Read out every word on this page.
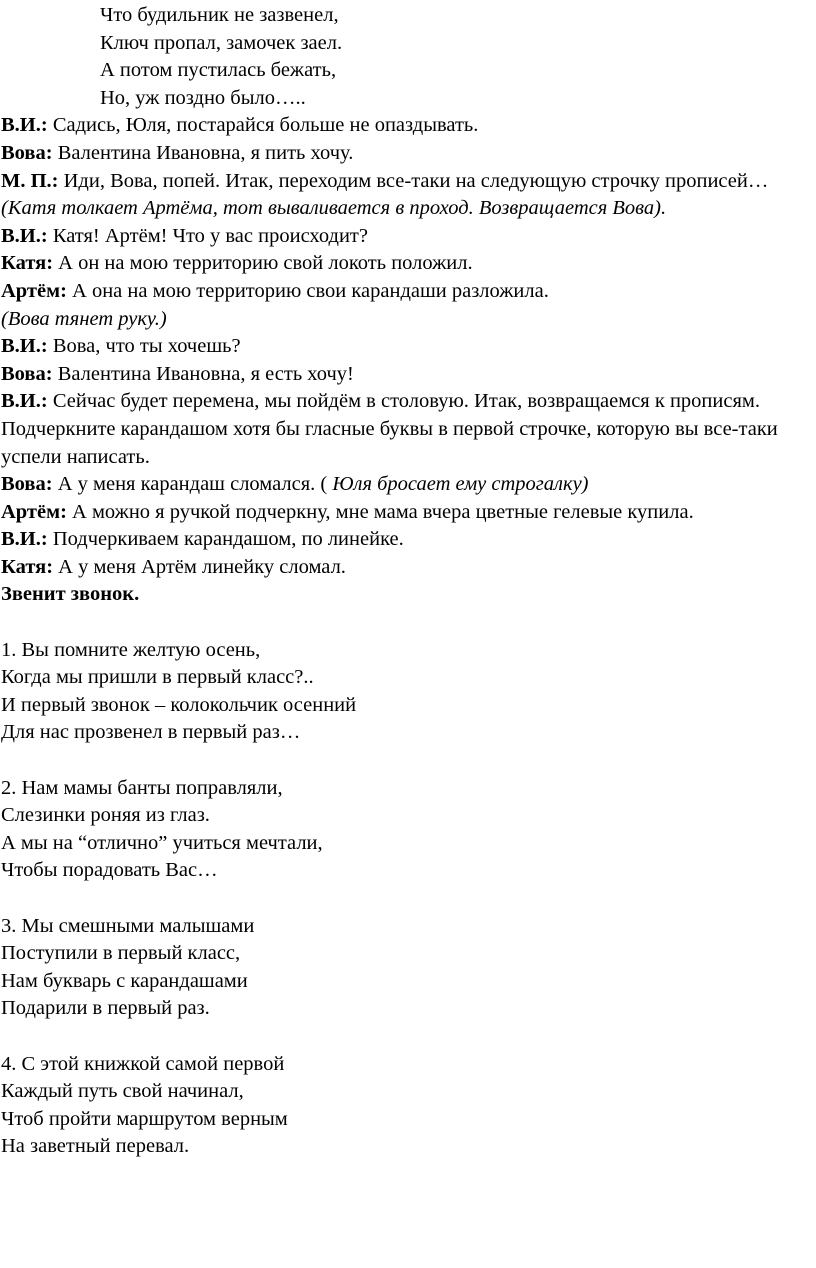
Что будильник не зазвенел,

Ключ пропал, замочек заел.

А потом пустилась бежать,

Но, уж поздно было…..

В.И.: Садись, Юля, постарайся больше не опаздывать.

Вова: Валентина Ивановна, я пить хочу.

М. П.: Иди, Вова, попей. Итак, переходим все-таки на следующую строчку прописей…

(Катя толкает Артёма, тот вываливается в проход. Возвращается Вова).

В.И.: Катя! Артём! Что у вас происходит?

Катя: А он на мою территорию свой локоть положил.

Артём: А она на мою территорию свои карандаши разложила.

(Вова тянет руку.)

В.И.: Вова, что ты хочешь?

Вова: Валентина Ивановна, я есть хочу!

В.И.: Сейчас будет перемена, мы пойдём в столовую. Итак, возвращаемся к прописям. Подчеркните карандашом хотя бы гласные буквы в первой строчке, которую вы все-таки успели написать.

Вова: А у меня карандаш сломался. ( Юля бросает ему строгалку)

Артём: А можно я ручкой подчеркну, мне мама вчера цветные гелевые купила.

В.И.: Подчеркиваем карандашом, по линейке.

Катя: А у меня Артём линейку сломал.

Звенит звонок.

1. Вы помните желтую осень,

Когда мы пришли в первый класс?..

И первый звонок – колокольчик осенний

Для нас прозвенел в первый раз…

2. Нам мамы банты поправляли,

Слезинки роняя из глаз.

А мы на “отлично” учиться мечтали,

Чтобы порадовать Вас…

3. Мы смешными малышами

Поступили в первый класс,

Нам букварь с карандашами

Подарили в первый раз.

4. С этой книжкой самой первой

Каждый путь свой начинал,

Чтоб пройти маршрутом верным

На заветный перевал.
